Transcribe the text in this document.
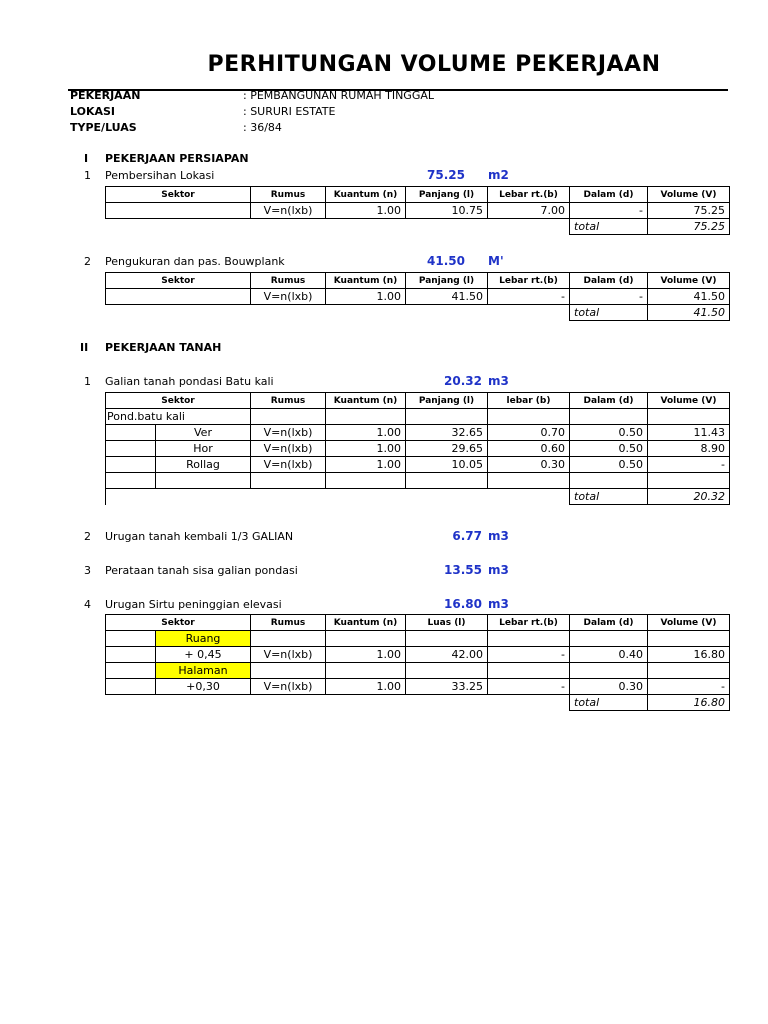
PERHITUNGAN VOLUME PEKERJAAN
PEKERJAAN	: PEMBANGUNAN RUMAH TINGGAL
LOKASI	: SURURI ESTATE
TYPE/LUAS	: 36/84
I PEKERJAAN PERSIAPAN
1 Pembersihan Lokasi	75.25 m2
Sektor	Rumus	Kuantum (n)	Panjang (l)	Lebar rt.(b)	Dalam (d)	Volume (V)
	V=n(lxb)	1.00	10.75	7.00	-	75.25
					total	75.25
2 Pengukuran dan pas. Bouwplank	41.50 M'
Sektor	Rumus	Kuantum (n)	Panjang (l)	Lebar rt.(b)	Dalam (d)	Volume (V)
	V=n(lxb)	1.00	41.50	-	-	41.50
					total	41.50
II PEKERJAAN TANAH
1 Galian tanah pondasi Batu kali	20.32 m3
Sektor		Rumus	Kuantum (n)	Panjang (l)	lebar (b)	Dalam (d)	Volume (V)
Pond.batu kali							
	Ver	V=n(lxb)	1.00	32.65	0.70	0.50	11.43
	Hor	V=n(lxb)	1.00	29.65	0.60	0.50	8.90
	Rollag	V=n(lxb)	1.00	10.05	0.30	0.50	-

						total	20.32
2 Urugan tanah kembali 1/3 GALIAN	6.77 m3
3 Perataan tanah sisa galian pondasi	13.55 m3
4 Urugan Sirtu peninggian elevasi	16.80 m3
Sektor		Rumus	Kuantum (n)	Luas (l)	Lebar rt.(b)	Dalam (d)	Volume (V)
	Ruang						
	+ 0,45	V=n(lxb)	1.00	42.00	-	0.40	16.80
	Halaman						
	+0,30	V=n(lxb)	1.00	33.25	-	0.30	-
						total	16.80
